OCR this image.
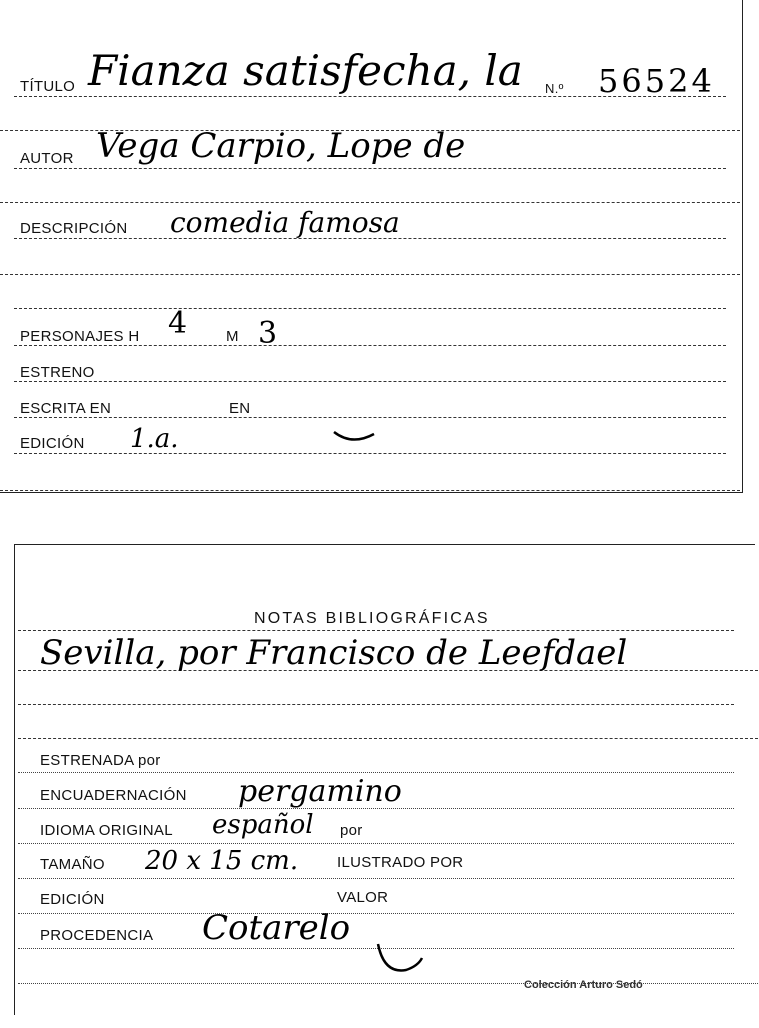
TÍTULO Fianza satisfecha, la N.º 56524
AUTOR Vega Carpio, Lope de
DESCRIPCIÓN comedia famosa
PERSONAJES H 4	M 3
ESTRENO
ESCRITA EN	EN
EDICIÓN 1.a.
NOTAS BIBLIOGRÁFICAS
Sevilla, por Francisco de Leefdael
ESTRENADA por
ENCUADERNACIÓN pergamino
IDIOMA ORIGINAL español por
TAMAÑO 20 x 15 cm.	ILUSTRADO POR
EDICIÓN	VALOR
PROCEDENCIA Cotarelo
Colección Arturo Sedó
